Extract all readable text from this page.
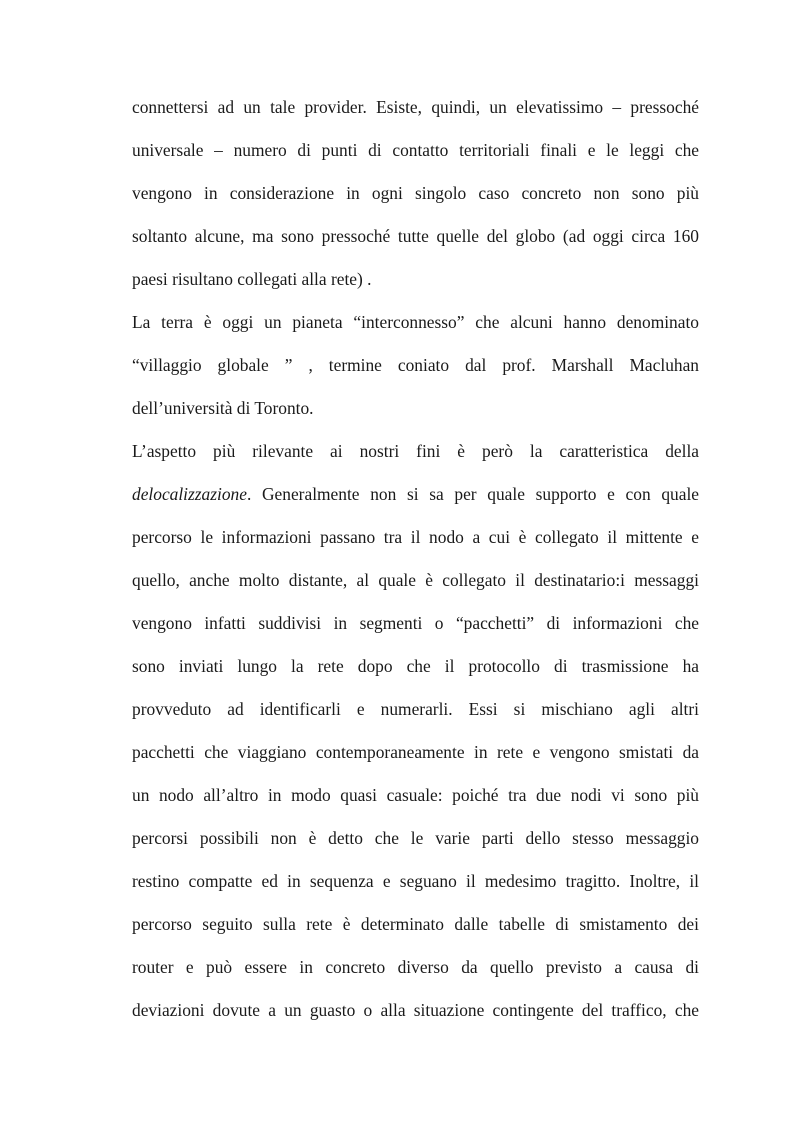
connettersi ad un tale provider. Esiste, quindi, un elevatissimo – pressoché
universale – numero di punti di contatto territoriali finali e le leggi che
vengono in considerazione in ogni singolo caso concreto non sono più
soltanto alcune, ma sono pressoché tutte quelle del globo (ad oggi circa 160
paesi risultano collegati alla rete) .
La terra è oggi un pianeta “interconnesso” che alcuni hanno denominato
“villaggio globale ” , termine coniato dal prof. Marshall Macluhan
dell’università di Toronto.
L’aspetto più rilevante ai nostri fini è però la caratteristica della
delocalizzazione. Generalmente non si sa per quale supporto e con quale
percorso le informazioni passano tra il nodo a cui è collegato il mittente e
quello, anche molto distante, al quale è collegato il destinatario:i messaggi
vengono infatti suddivisi in segmenti o “pacchetti” di informazioni che
sono inviati lungo la rete dopo che il protocollo di trasmissione ha
provveduto ad identificarli e numerarli. Essi si mischiano agli altri
pacchetti che viaggiano contemporaneamente in rete e vengono smistati da
un nodo all’altro in modo quasi casuale: poiché tra due nodi vi sono più
percorsi possibili non è detto che le varie parti dello stesso messaggio
restino compatte ed in sequenza e seguano il medesimo tragitto. Inoltre, il
percorso seguito sulla rete è determinato dalle tabelle di smistamento dei
router e può essere in concreto diverso da quello previsto a causa di
deviazioni dovute a un guasto o alla situazione contingente del traffico, che
